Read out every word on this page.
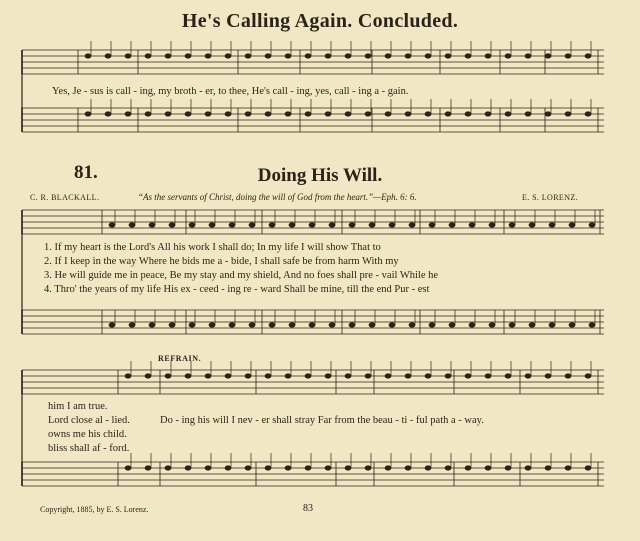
He's Calling Again. Concluded.
Yes, Je - sus is call - ing, my broth - er, to thee, He's call - ing, yes, call - ing a - gain.
81.	Doing His Will.
C. R. BLACKALL.	“As the servants of Christ, doing the will of God from the heart.”—Eph. 6: 6.	E. S. LORENZ.
1. If my heart is the Lord's All his work I shall do; In my life I will show That to
2. If I keep in the way Where he bids me a - bide, I shall safe be from harm With my
3. He will guide me in peace, Be my stay and my shield, And no foes shall pre - vail While he
4. Thro' the years of my life His ex - ceed - ing re - ward Shall be mine, till the end Pur - est
REFRAIN.
him I am true.
Lord close al - lied.
owns me his child.
bliss shall af - ford.
Do - ing his will I nev - er shall stray Far from the beau - ti - ful path a - way.
Copyright, 1885, by E. S. Lorenz.	83
